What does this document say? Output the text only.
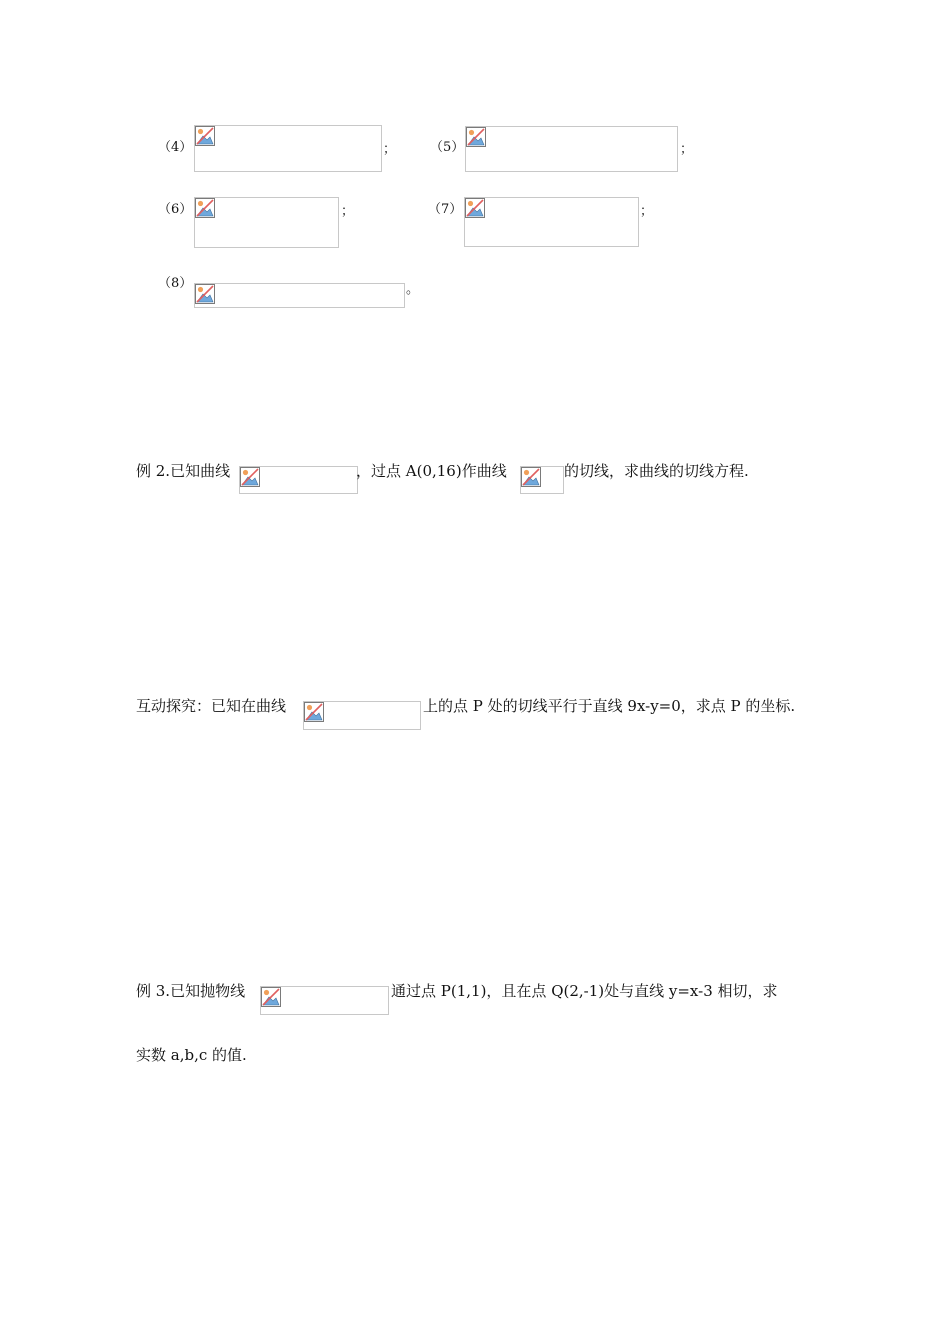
（4）	；	（5）	；
（6）	；	（7）	；
（8）	。
例 2.已知曲线	，过点 A(0,16)作曲线	的切线，求曲线的切线方程.
互动探究：已知在曲线	上的点 P 处的切线平行于直线 9x-y=0，求点 P 的坐标.
例 3.已知抛物线	通过点 P(1,1)，且在点 Q(2,-1)处与直线 y=x-3 相切，求
实数 a,b,c 的值.
